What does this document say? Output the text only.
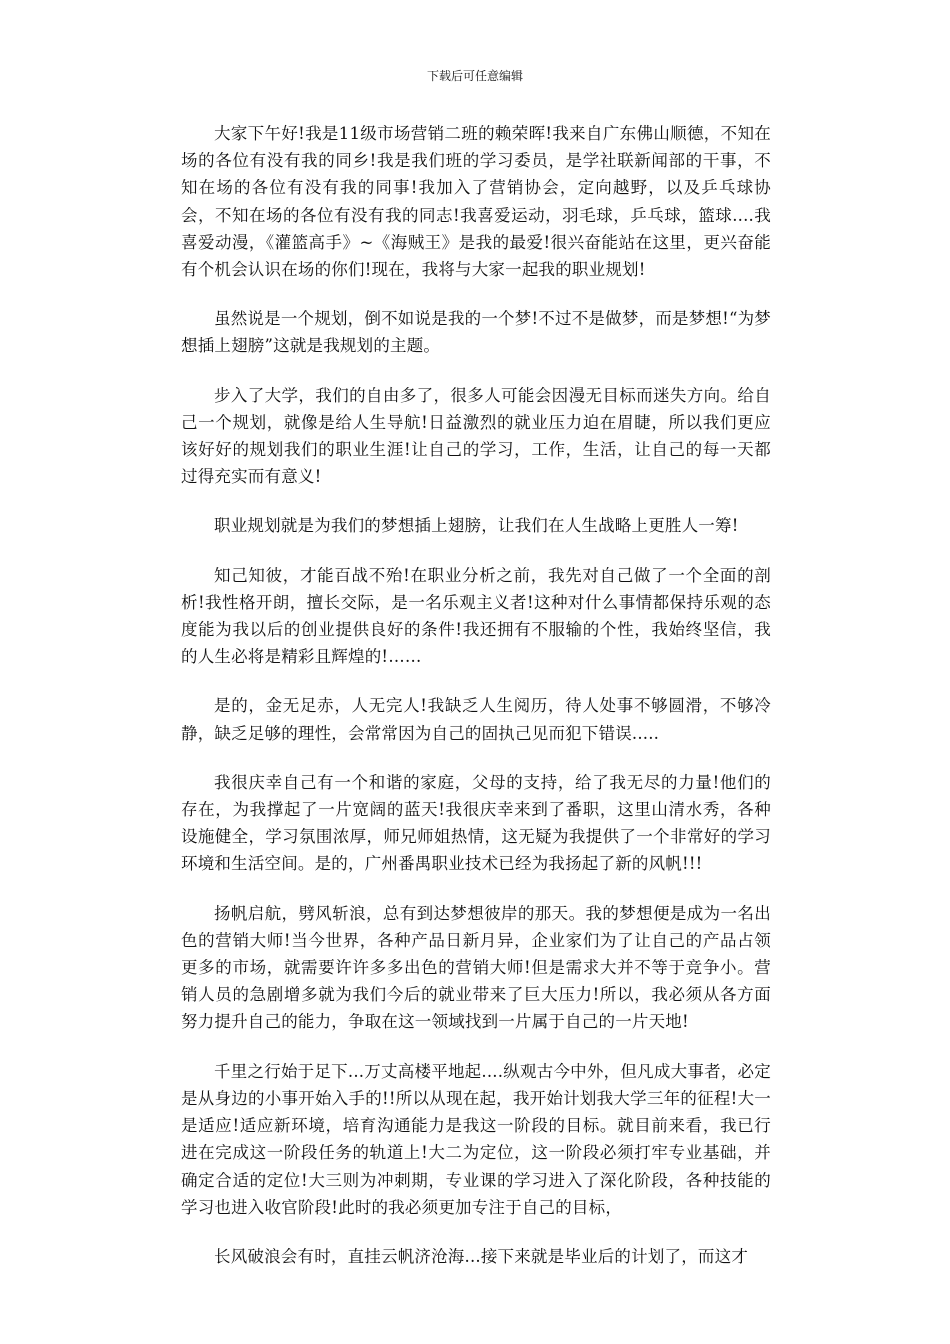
下载后可任意编辑

大家下午好!我是11级市场营销二班的赖荣晖!我来自广东佛山顺德，不知在场的各位有没有我的同乡!我是我们班的学习委员，是学社联新闻部的干事，不知在场的各位有没有我的同事!我加入了营销协会，定向越野，以及乒乓球协会，不知在场的各位有没有我的同志!我喜爱运动，羽毛球，乒乓球，篮球....我喜爱动漫，《灌篮高手》~《海贼王》是我的最爱!很兴奋能站在这里，更兴奋能有个机会认识在场的你们!现在，我将与大家一起我的职业规划!

虽然说是一个规划，倒不如说是我的一个梦!不过不是做梦，而是梦想!“为梦想插上翅膀”这就是我规划的主题。

步入了大学，我们的自由多了，很多人可能会因漫无目标而迷失方向。给自己一个规划，就像是给人生导航!日益激烈的就业压力迫在眉睫，所以我们更应该好好的规划我们的职业生涯!让自己的学习，工作，生活，让自己的每一天都过得充实而有意义!

职业规划就是为我们的梦想插上翅膀，让我们在人生战略上更胜人一筹!

知己知彼，才能百战不殆!在职业分析之前，我先对自己做了一个全面的剖析!我性格开朗，擅长交际，是一名乐观主义者!这种对什么事情都保持乐观的态度能为我以后的创业提供良好的条件!我还拥有不服输的个性，我始终坚信，我的人生必将是精彩且辉煌的!……

是的，金无足赤，人无完人!我缺乏人生阅历，待人处事不够圆滑，不够冷静，缺乏足够的理性，会常常因为自己的固执己见而犯下错误.....

我很庆幸自己有一个和谐的家庭，父母的支持，给了我无尽的力量!他们的存在，为我撑起了一片宽阔的蓝天!我很庆幸来到了番职，这里山清水秀，各种设施健全，学习氛围浓厚，师兄师姐热情，这无疑为我提供了一个非常好的学习环境和生活空间。是的，广州番禺职业技术已经为我扬起了新的风帆!!!

扬帆启航，劈风斩浪，总有到达梦想彼岸的那天。我的梦想便是成为一名出色的营销大师!当今世界，各种产品日新月异，企业家们为了让自己的产品占领更多的市场，就需要许许多多出色的营销大师!但是需求大并不等于竞争小。营销人员的急剧增多就为我们今后的就业带来了巨大压力!所以，我必须从各方面努力提升自己的能力，争取在这一领域找到一片属于自己的一片天地!

千里之行始于足下...万丈高楼平地起....纵观古今中外，但凡成大事者，必定是从身边的小事开始入手的!!所以从现在起，我开始计划我大学三年的征程!大一是适应!适应新环境，培育沟通能力是我这一阶段的目标。就目前来看，我已行进在完成这一阶段任务的轨道上!大二为定位，这一阶段必须打牢专业基础，并确定合适的定位!大三则为冲刺期，专业课的学习进入了深化阶段，各种技能的学习也进入收官阶段!此时的我必须更加专注于自己的目标，

长风破浪会有时，直挂云帆济沧海...接下来就是毕业后的计划了，而这才
